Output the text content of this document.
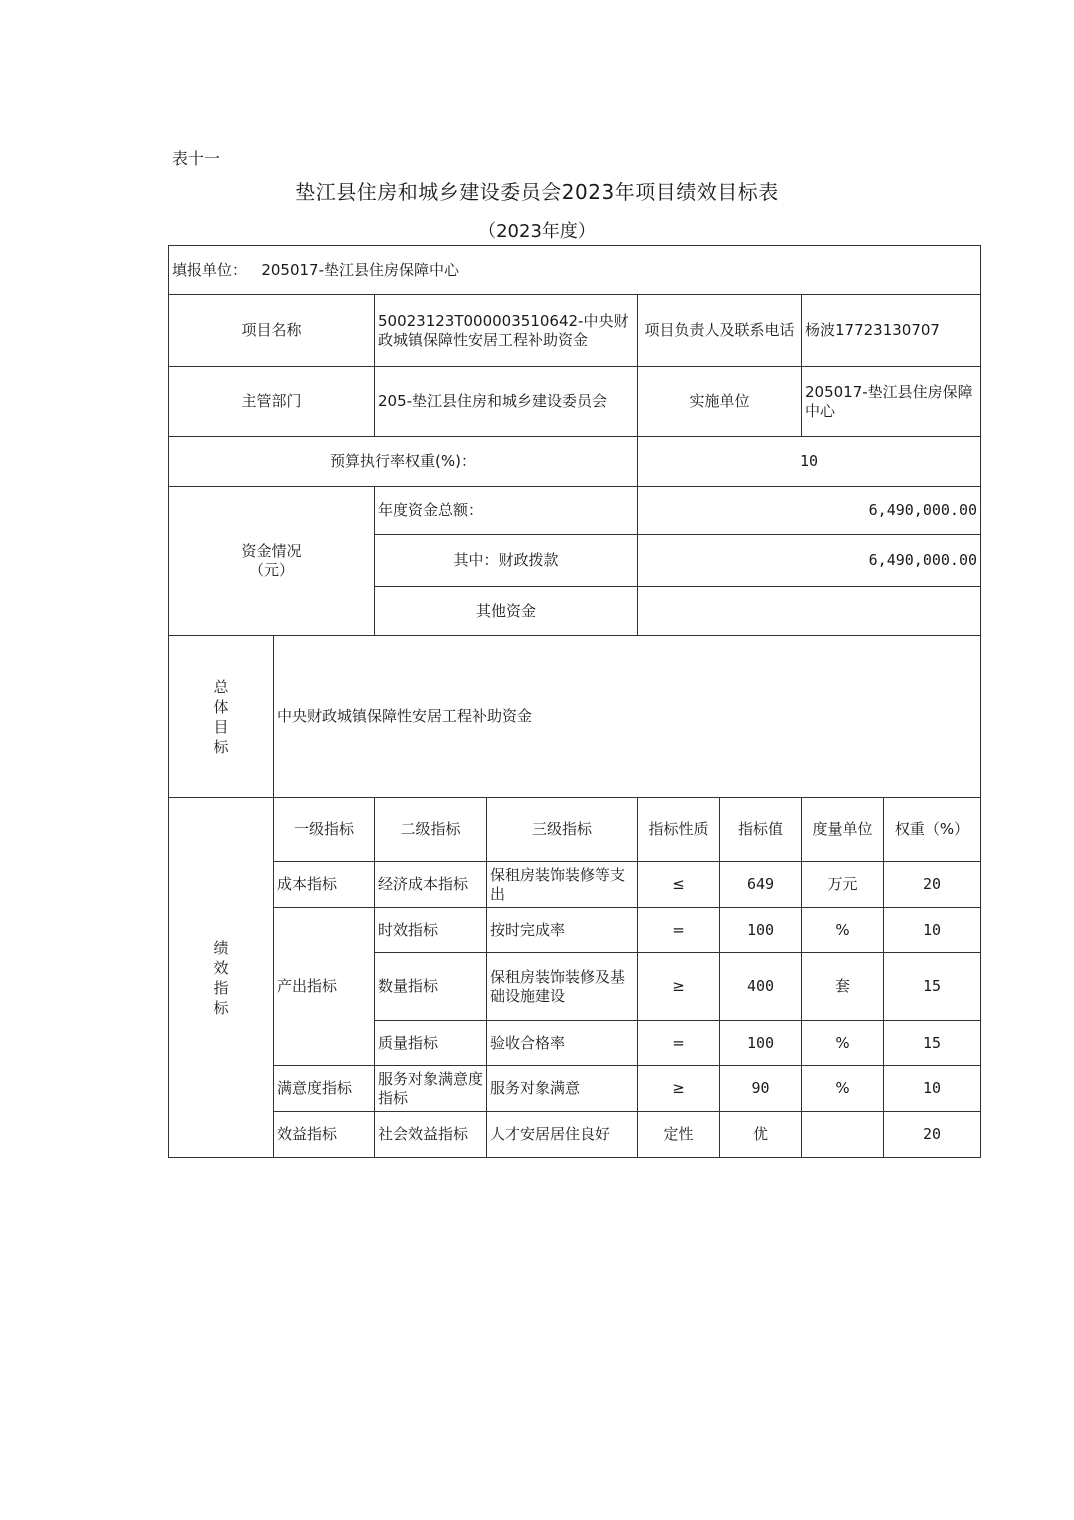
表十一
垫江县住房和城乡建设委员会2023年项目绩效目标表
（2023年度）
填报单位： 205017-垫江县住房保障中心							
项目名称		50023123T000003510642-中央财政城镇保障性安居工程补助资金		项目负责人及联系电话		杨波17723130707	
主管部门		205-垫江县住房和城乡建设委员会		实施单位		205017-垫江县住房保障中心	
预算执行率权重(%)：				10			

资金情况
（元）		年度资金总额：		6,490,000.00			
		其中：财政拨款		6,490,000.00			
		其他资金					

总
体
目
标	中央财政城镇保障性安居工程补助资金						

绩
效
指
标	一级指标	二级指标	三级指标	指标性质	指标值	度量单位	权重（%）
	成本指标	经济成本指标	保租房装饰装修等支出	≤	649	万元	20
	产出指标	时效指标	按时完成率	=	100	%	10
		数量指标	保租房装饰装修及基础设施建设	≥	400	套	15
		质量指标	验收合格率	=	100	%	15
	满意度指标	服务对象满意度指标	服务对象满意	≥	90	%	10
	效益指标	社会效益指标	人才安居居住良好	定性	优		20
